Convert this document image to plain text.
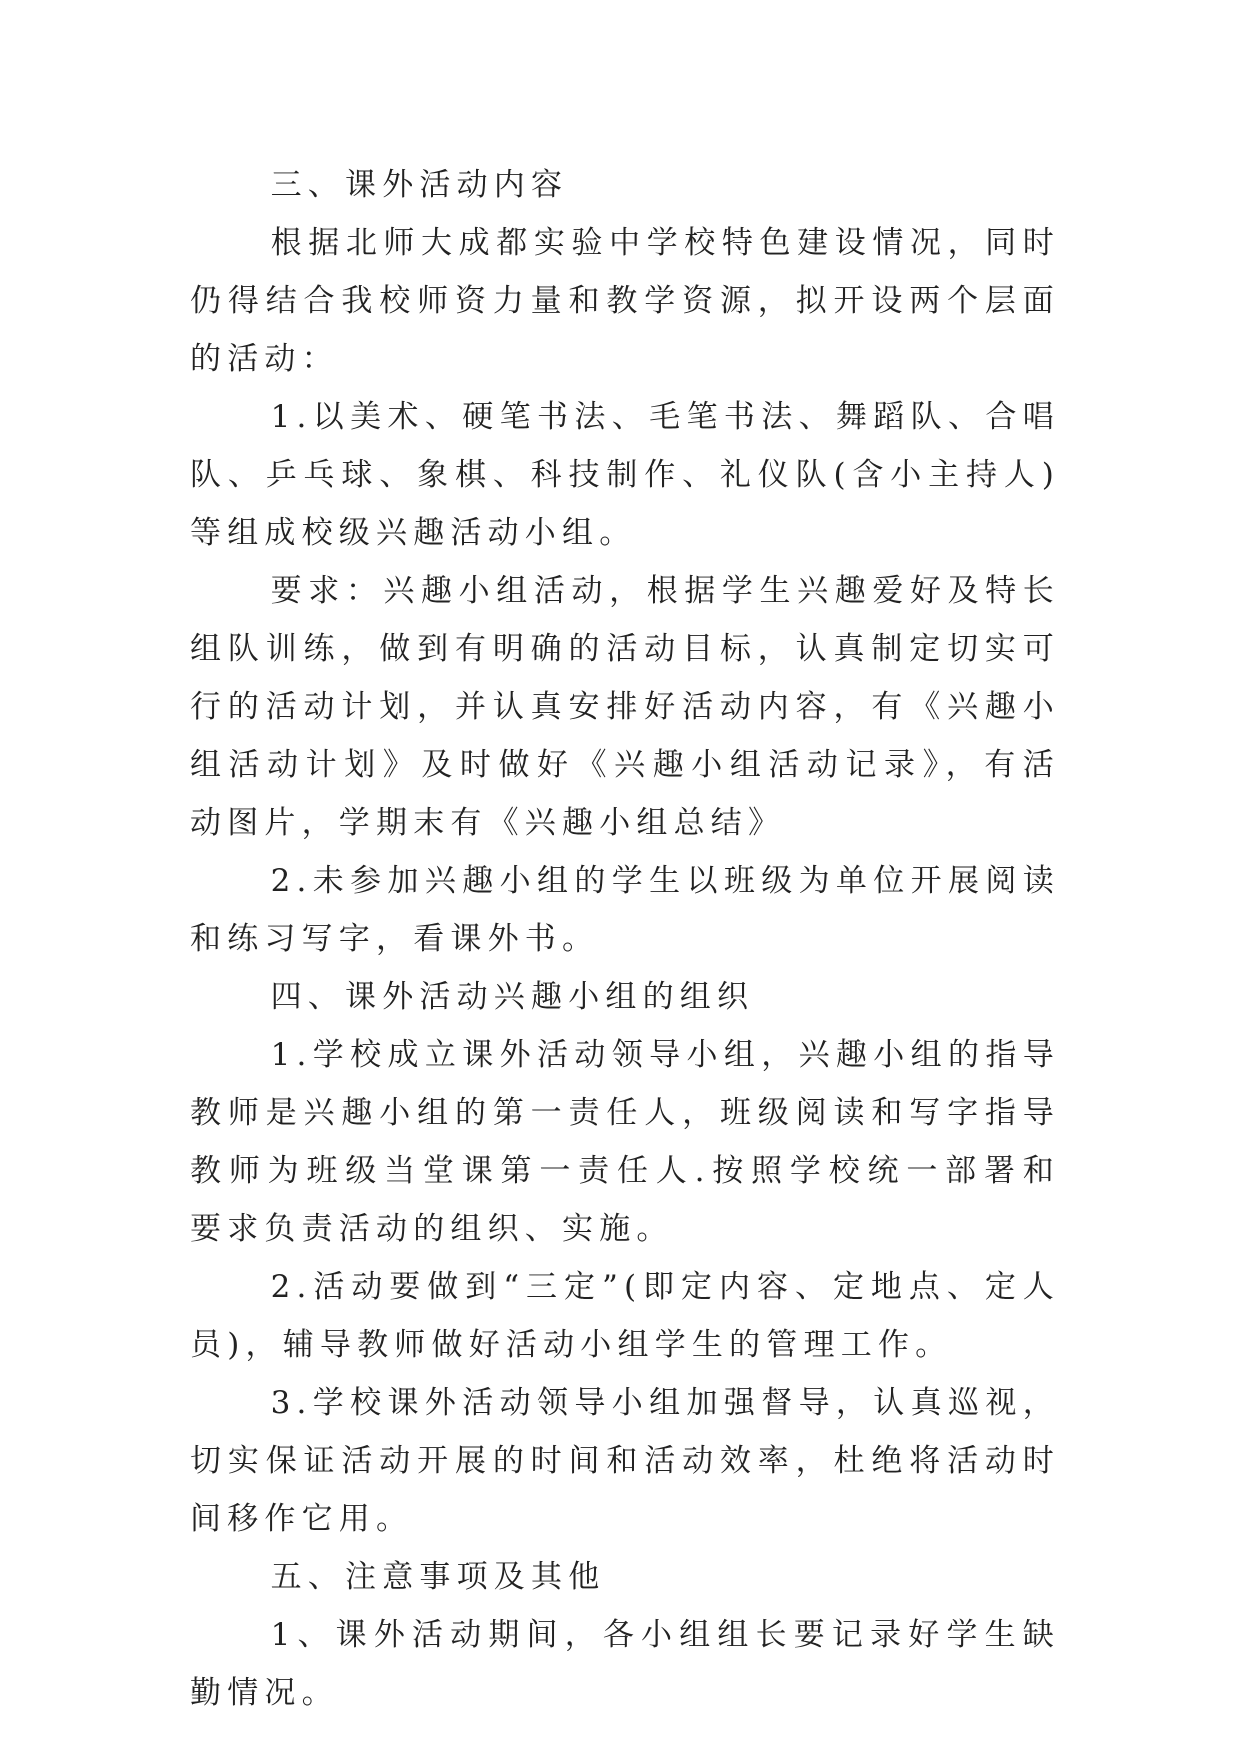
三、课外活动内容

根据北师大成都实验中学校特色建设情况，同时仍得结合我校师资力量和教学资源，拟开设两个层面的活动：

1.以美术、硬笔书法、毛笔书法、舞蹈队、合唱队、乒乓球、象棋、科技制作、礼仪队(含小主持人)等组成校级兴趣活动小组。

要求：兴趣小组活动，根据学生兴趣爱好及特长组队训练，做到有明确的活动目标，认真制定切实可行的活动计划，并认真安排好活动内容，有《兴趣小组活动计划》及时做好《兴趣小组活动记录》，有活动图片，学期末有《兴趣小组总结》

2.未参加兴趣小组的学生以班级为单位开展阅读和练习写字，看课外书。

四、课外活动兴趣小组的组织

1.学校成立课外活动领导小组，兴趣小组的指导教师是兴趣小组的第一责任人，班级阅读和写字指导教师为班级当堂课第一责任人.按照学校统一部署和要求负责活动的组织、实施。

2.活动要做到“三定”(即定内容、定地点、定人员)，辅导教师做好活动小组学生的管理工作。

3.学校课外活动领导小组加强督导，认真巡视，切实保证活动开展的时间和活动效率，杜绝将活动时间移作它用。

五、注意事项及其他

1、课外活动期间，各小组组长要记录好学生缺勤情况。
